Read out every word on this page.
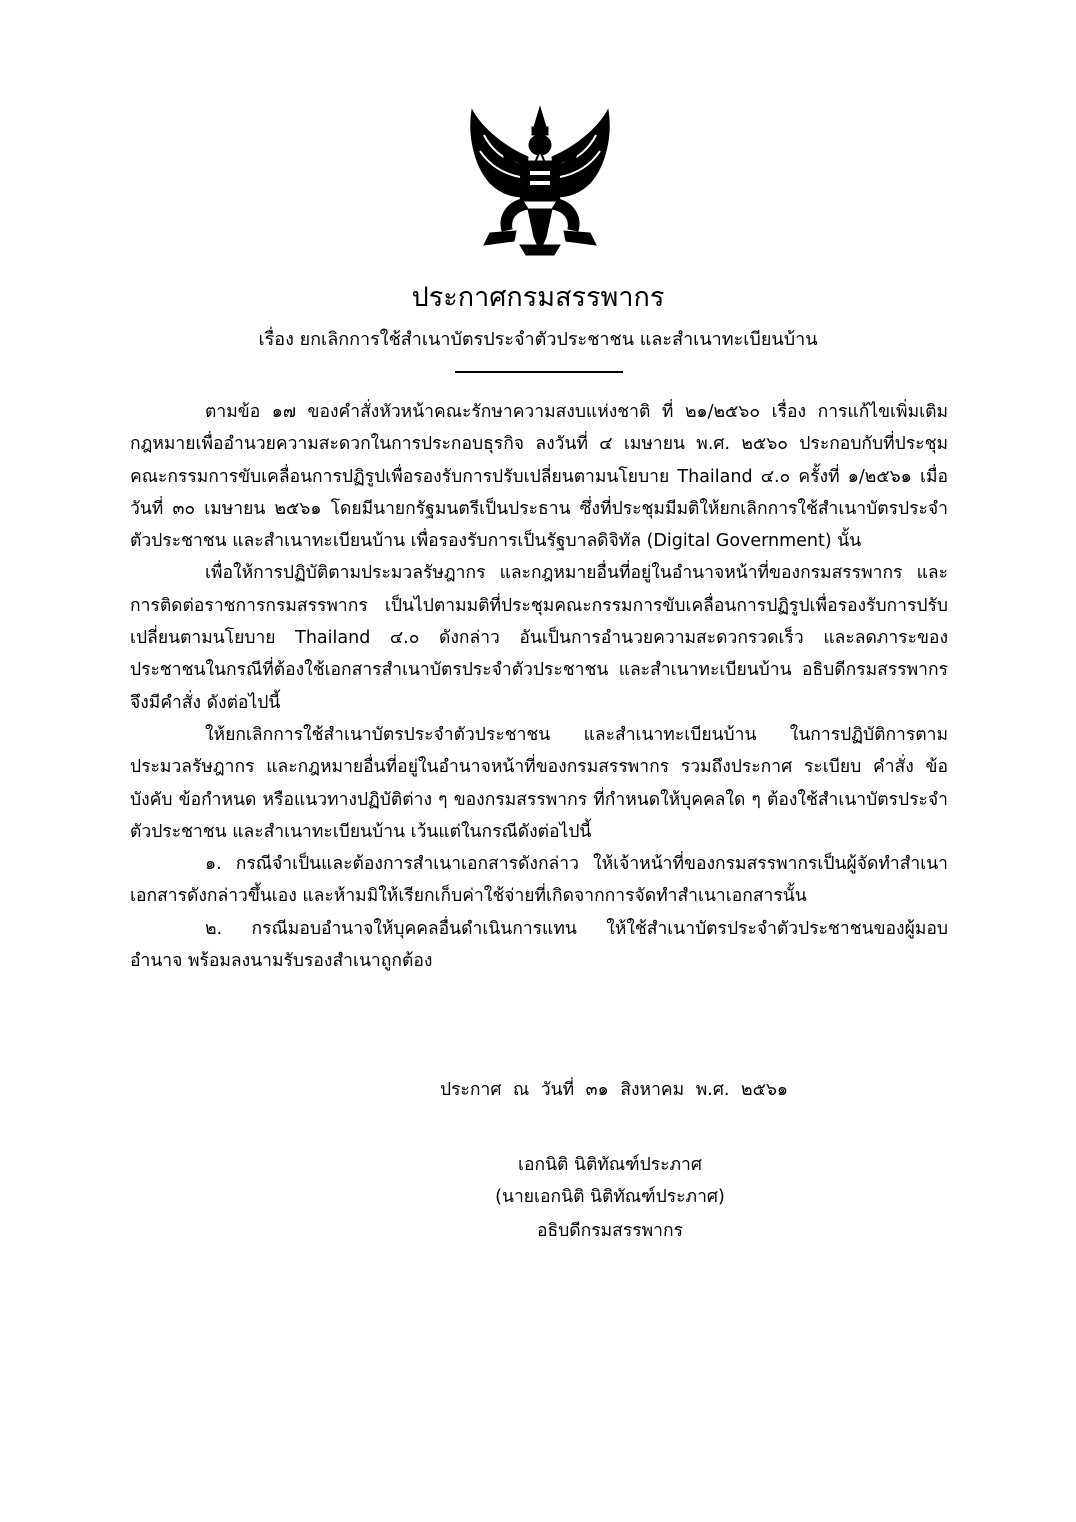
ประกาศกรมสรรพากร
เรื่อง ยกเลิกการใช้สำเนาบัตรประจำตัวประชาชน และสำเนาทะเบียนบ้าน

ตามข้อ ๑๗ ของคำสั่งหัวหน้าคณะรักษาความสงบแห่งชาติ ที่ ๒๑/๒๕๖๐ เรื่อง การแก้ไขเพิ่มเติมกฎหมายเพื่ออำนวยความสะดวกในการประกอบธุรกิจ ลงวันที่ ๔ เมษายน พ.ศ. ๒๕๖๐ ประกอบกับที่ประชุมคณะกรรมการขับเคลื่อนการปฏิรูปเพื่อรองรับการปรับเปลี่ยนตามนโยบาย Thailand ๔.๐ ครั้งที่ ๑/๒๕๖๑ เมื่อวันที่ ๓๐ เมษายน ๒๕๖๑ โดยมีนายกรัฐมนตรีเป็นประธาน ซึ่งที่ประชุมมีมติให้ยกเลิกการใช้สำเนาบัตรประจำตัวประชาชน และสำเนาทะเบียนบ้าน เพื่อรองรับการเป็นรัฐบาลดิจิทัล (Digital Government) นั้น

เพื่อให้การปฏิบัติตามประมวลรัษฎากร และกฎหมายอื่นที่อยู่ในอำนาจหน้าที่ของกรมสรรพากร และการติดต่อราชการกรมสรรพากร เป็นไปตามมติที่ประชุมคณะกรรมการขับเคลื่อนการปฏิรูปเพื่อรองรับการปรับเปลี่ยนตามนโยบาย Thailand ๔.๐ ดังกล่าว อันเป็นการอำนวยความสะดวกรวดเร็ว และลดภาระของประชาชนในกรณีที่ต้องใช้เอกสารสำเนาบัตรประจำตัวประชาชน และสำเนาทะเบียนบ้าน อธิบดีกรมสรรพากรจึงมีคำสั่ง ดังต่อไปนี้

ให้ยกเลิกการใช้สำเนาบัตรประจำตัวประชาชน และสำเนาทะเบียนบ้าน ในการปฏิบัติการตามประมวลรัษฎากร และกฎหมายอื่นที่อยู่ในอำนาจหน้าที่ของกรมสรรพากร รวมถึงประกาศ ระเบียบ คำสั่ง ข้อบังคับ ข้อกำหนด หรือแนวทางปฏิบัติต่าง ๆ ของกรมสรรพากร ที่กำหนดให้บุคคลใด ๆ ต้องใช้สำเนาบัตรประจำตัวประชาชน และสำเนาทะเบียนบ้าน เว้นแต่ในกรณีดังต่อไปนี้

๑. กรณีจำเป็นและต้องการสำเนาเอกสารดังกล่าว ให้เจ้าหน้าที่ของกรมสรรพากรเป็นผู้จัดทำสำเนาเอกสารดังกล่าวขึ้นเอง และห้ามมิให้เรียกเก็บค่าใช้จ่ายที่เกิดจากการจัดทำสำเนาเอกสารนั้น

๒. กรณีมอบอำนาจให้บุคคลอื่นดำเนินการแทน ให้ใช้สำเนาบัตรประจำตัวประชาชนของผู้มอบอำนาจ พร้อมลงนามรับรองสำเนาถูกต้อง

ประกาศ ณ วันที่ ๓๑ สิงหาคม พ.ศ. ๒๕๖๑
เอกนิติ นิติทัณฑ์ประภาศ
(นายเอกนิติ นิติทัณฑ์ประภาศ)
อธิบดีกรมสรรพากร
